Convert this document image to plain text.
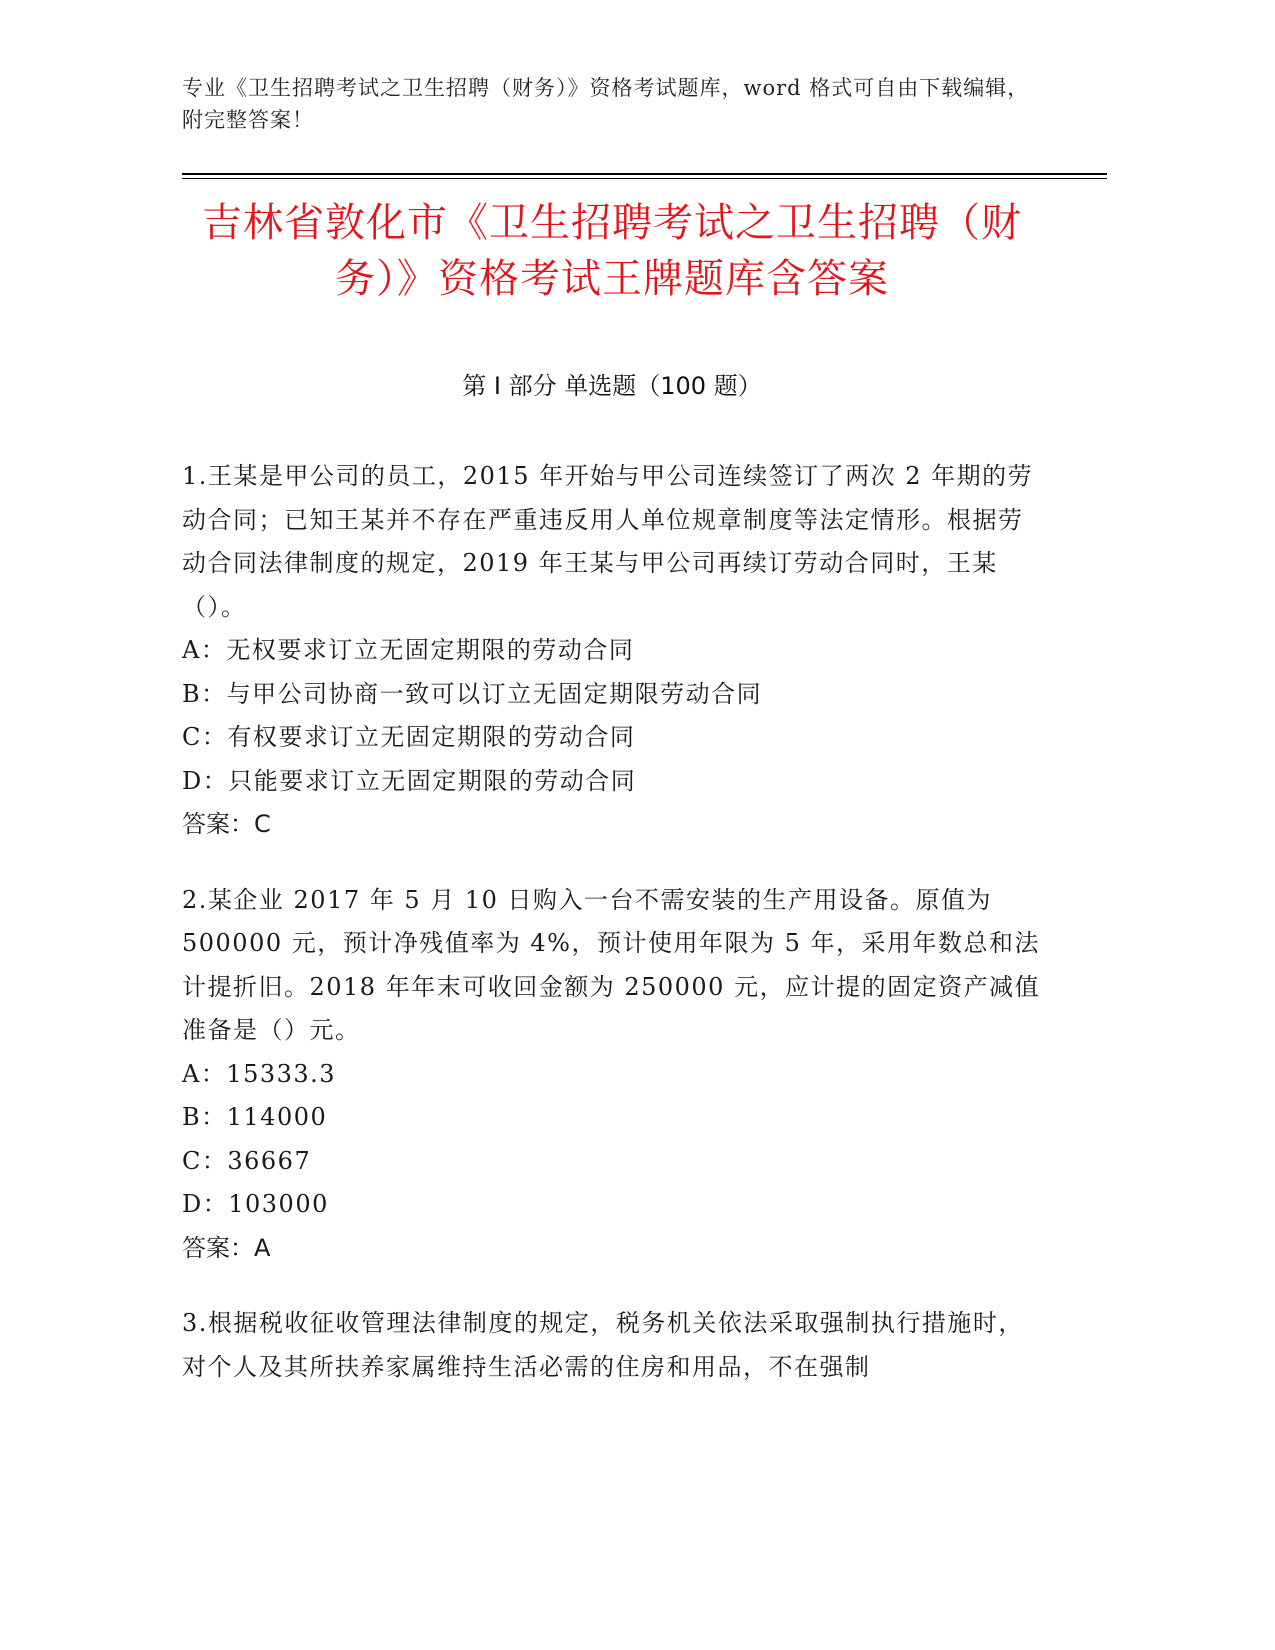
专业《卫生招聘考试之卫生招聘（财务）》资格考试题库，word 格式可自由下载编辑，附完整答案！
吉林省敦化市《卫生招聘考试之卫生招聘（财务）》资格考试王牌题库含答案
第 I 部分 单选题（100 题）

1.王某是甲公司的员工，2015 年开始与甲公司连续签订了两次 2 年期的劳动合同；已知王某并不存在严重违反用人单位规章制度等法定情形。根据劳动合同法律制度的规定，2019 年王某与甲公司再续订劳动合同时，王某（）。

A：无权要求订立无固定期限的劳动合同

B：与甲公司协商一致可以订立无固定期限劳动合同

C：有权要求订立无固定期限的劳动合同

D：只能要求订立无固定期限的劳动合同

答案：C

2.某企业 2017 年 5 月 10 日购入一台不需安装的生产用设备。原值为 500000 元，预计净残值率为 4%，预计使用年限为 5 年，采用年数总和法计提折旧。2018 年年末可收回金额为 250000 元，应计提的固定资产减值准备是（）元。

A：15333.3

B：114000

C：36667

D：103000

答案：A

3.根据税收征收管理法律制度的规定，税务机关依法采取强制执行措施时，对个人及其所扶养家属维持生活必需的住房和用品，不在强制
